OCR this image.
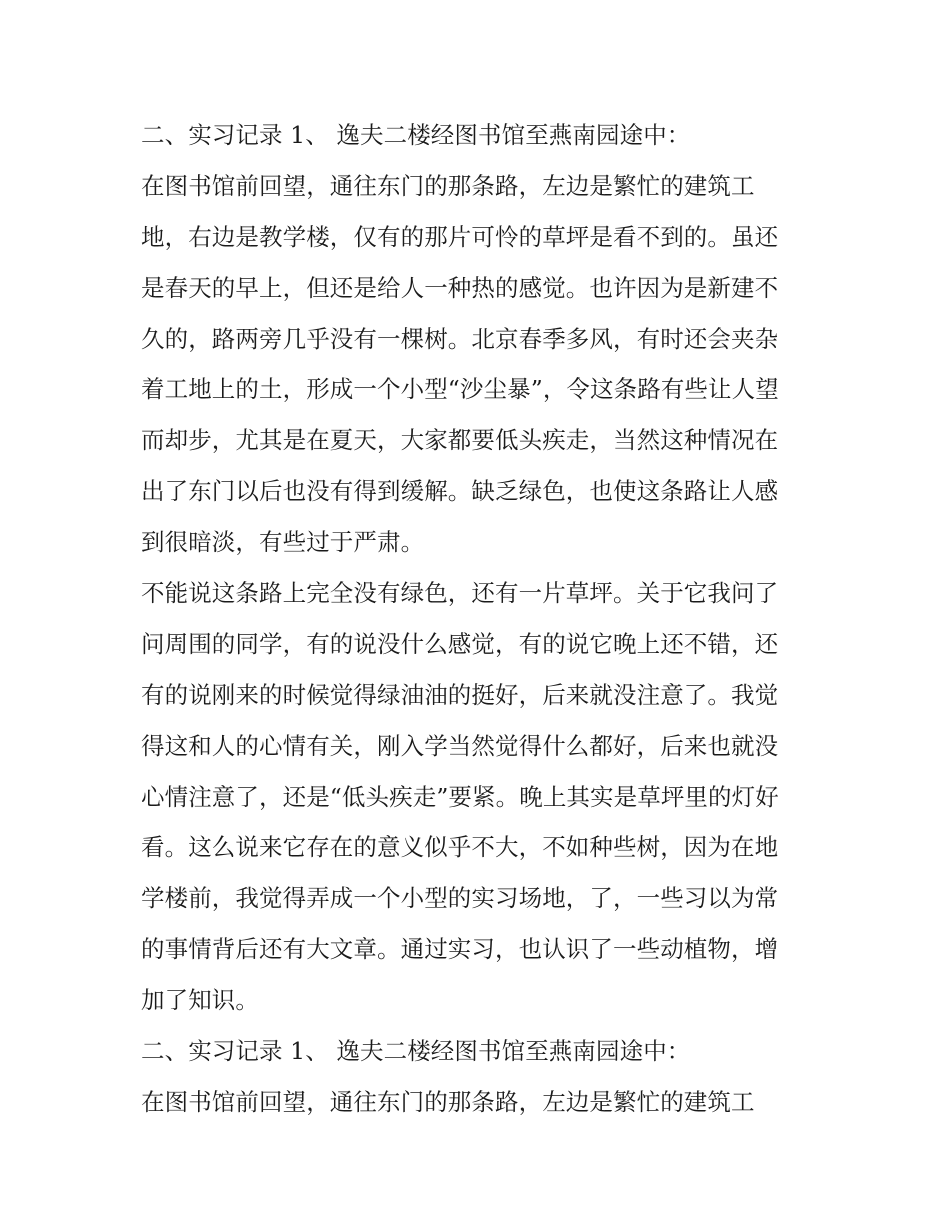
二、实习记录 1、 逸夫二楼经图书馆至燕南园途中：
在图书馆前回望，通往东门的那条路，左边是繁忙的建筑工
地，右边是教学楼，仅有的那片可怜的草坪是看不到的。虽还
是春天的早上，但还是给人一种热的感觉。也许因为是新建不
久的，路两旁几乎没有一棵树。北京春季多风，有时还会夹杂
着工地上的土，形成一个小型“沙尘暴”，令这条路有些让人望
而却步，尤其是在夏天，大家都要低头疾走，当然这种情况在
出了东门以后也没有得到缓解。缺乏绿色，也使这条路让人感
到很暗淡，有些过于严肃。
不能说这条路上完全没有绿色，还有一片草坪。关于它我问了
问周围的同学，有的说没什么感觉，有的说它晚上还不错，还
有的说刚来的时候觉得绿油油的挺好，后来就没注意了。我觉
得这和人的心情有关，刚入学当然觉得什么都好，后来也就没
心情注意了，还是“低头疾走”要紧。晚上其实是草坪里的灯好
看。这么说来它存在的意义似乎不大，不如种些树，因为在地
学楼前，我觉得弄成一个小型的实习场地，了，一些习以为常
的事情背后还有大文章。通过实习，也认识了一些动植物，增
加了知识。
二、实习记录 1、 逸夫二楼经图书馆至燕南园途中：
在图书馆前回望，通往东门的那条路，左边是繁忙的建筑工
